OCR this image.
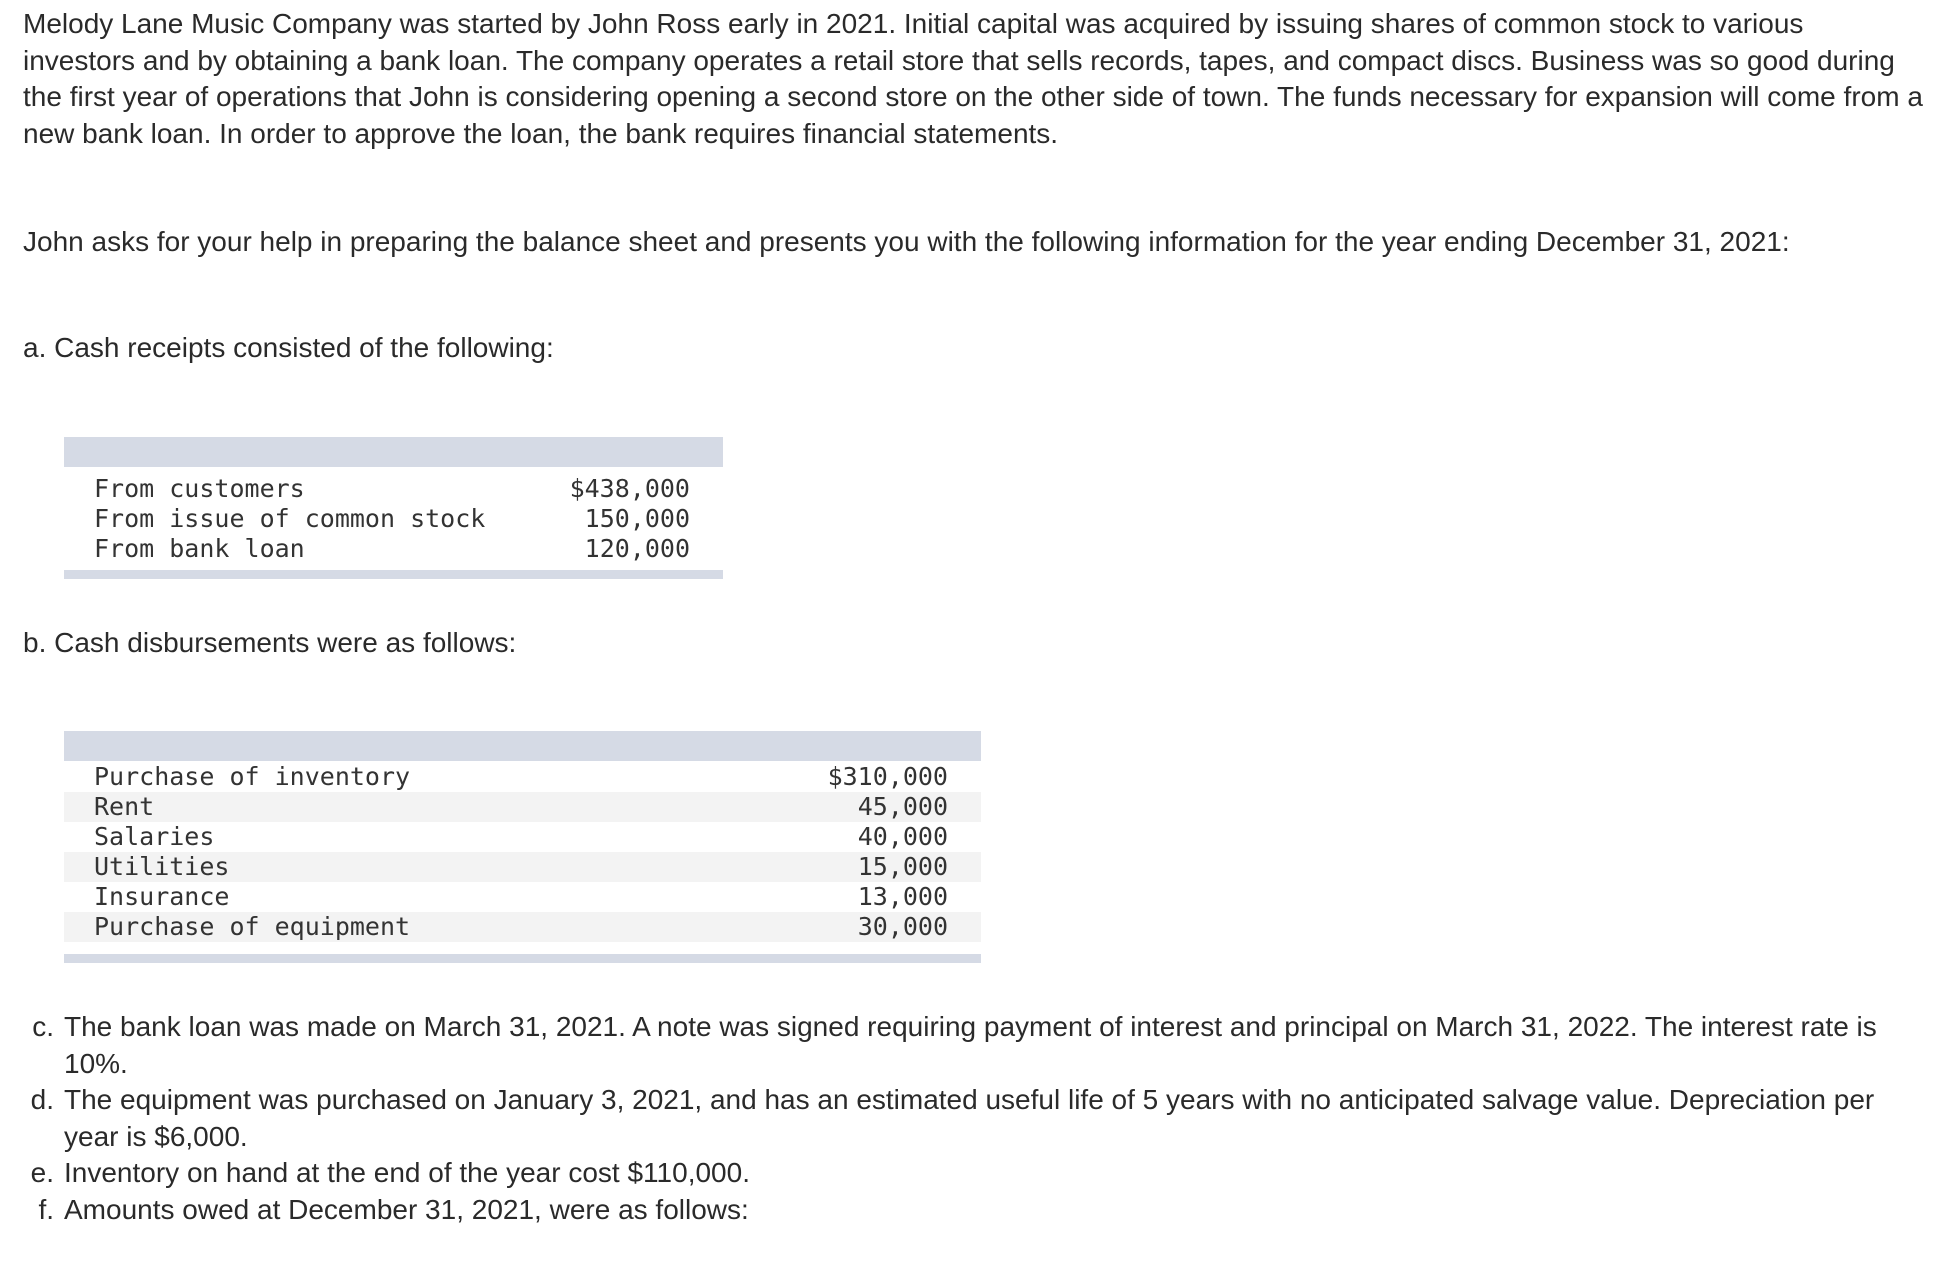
Melody Lane Music Company was started by John Ross early in 2021. Initial capital was acquired by issuing shares of common stock to various investors and by obtaining a bank loan. The company operates a retail store that sells records, tapes, and compact discs. Business was so good during the first year of operations that John is considering opening a second store on the other side of town. The funds necessary for expansion will come from a new bank loan. In order to approve the loan, the bank requires financial statements.

John asks for your help in preparing the balance sheet and presents you with the following information for the year ending December 31, 2021:

a. Cash receipts consisted of the following:

From customers	$438,000
From issue of common stock	150,000
From bank loan	120,000

b. Cash disbursements were as follows:

Purchase of inventory	$310,000
Rent	45,000
Salaries	40,000
Utilities	15,000
Insurance	13,000
Purchase of equipment	30,000
c. The bank loan was made on March 31, 2021. A note was signed requiring payment of interest and principal on March 31, 2022. The interest rate is 10%.
d. The equipment was purchased on January 3, 2021, and has an estimated useful life of 5 years with no anticipated salvage value. Depreciation per year is $6,000.
e. Inventory on hand at the end of the year cost $110,000.
f. Amounts owed at December 31, 2021, were as follows:
